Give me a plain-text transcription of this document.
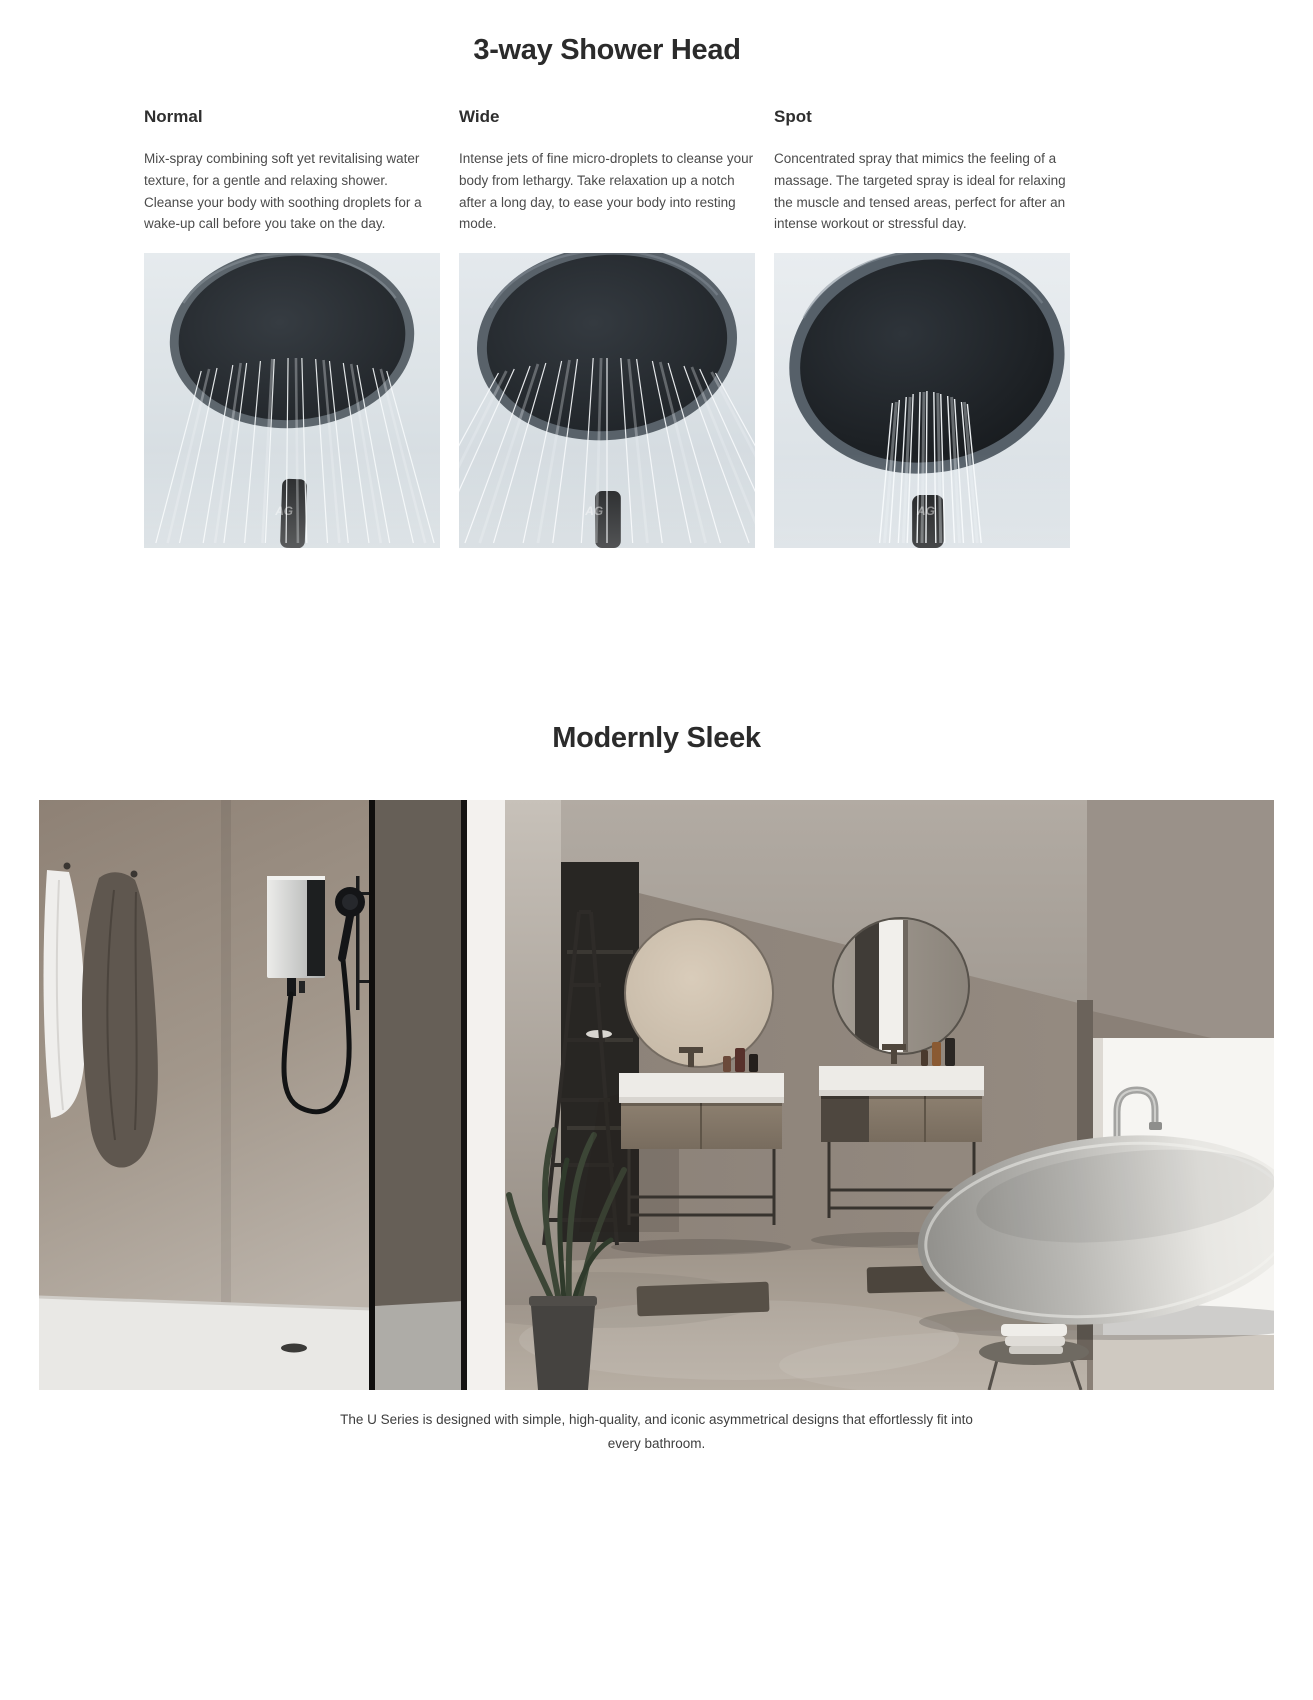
3-way Shower Head
Normal

Mix-spray combining soft yet revitalising water texture, for a gentle and relaxing shower. Cleanse your body with soothing droplets for a wake-up call before you take on the day.

AG
Wide

Intense jets of fine micro-droplets to cleanse your body from lethargy. Take relaxation up a notch after a long day, to ease your body into resting mode.

AG
Spot

Concentrated spray that mimics the feeling of a massage. The targeted spray is ideal for relaxing the muscle and tensed areas, perfect for after an intense workout or stressful day.

AG
Modernly Sleek
The U Series is designed with simple, high-quality, and iconic asymmetrical designs that effortlessly fit into every bathroom.
